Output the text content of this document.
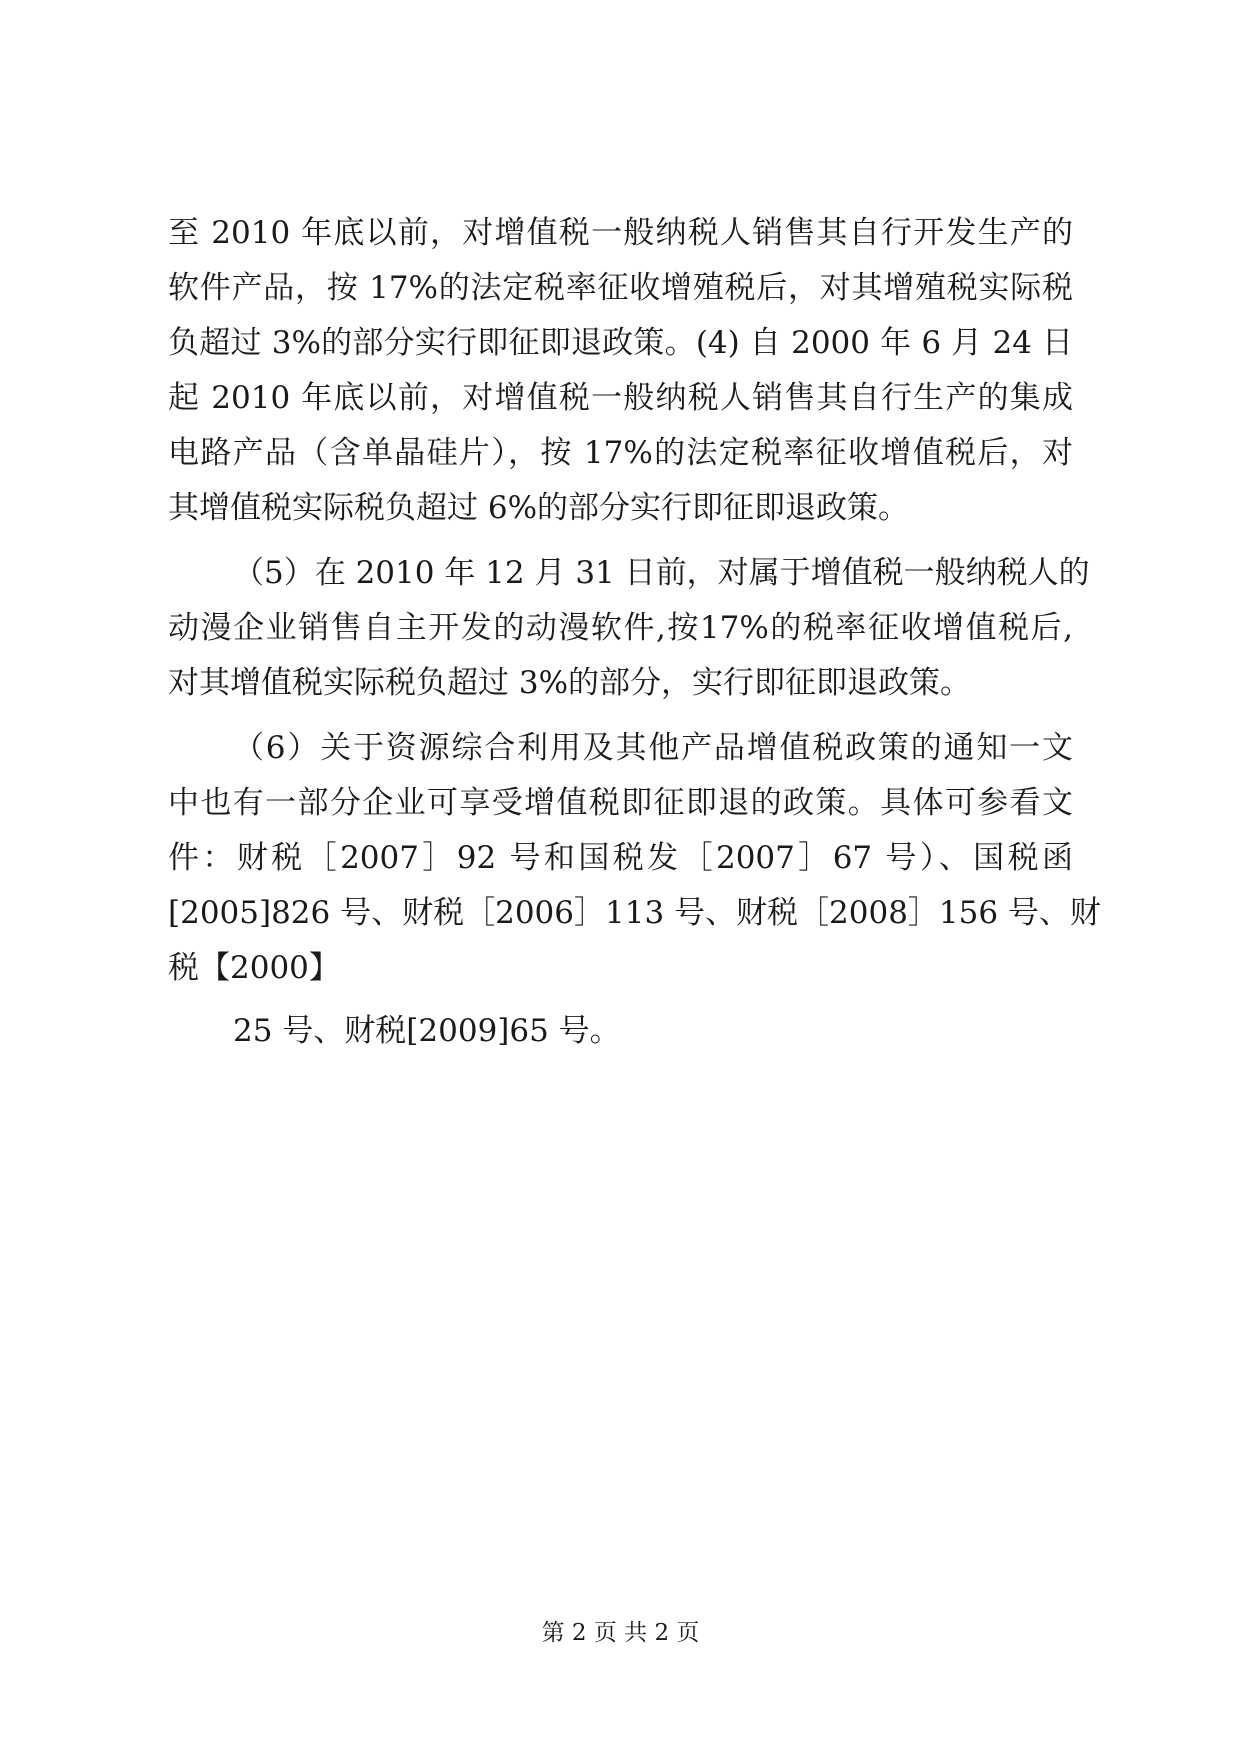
至 2010 年底以前，对增值税一般纳税人销售其自行开发生产的
软件产品，按 17%的法定税率征收增殖税后，对其增殖税实际税
负超过 3%的部分实行即征即退政策。(4) 自 2000 年 6 月 24 日
起 2010 年底以前，对增值税一般纳税人销售其自行生产的集成
电路产品（含单晶硅片），按 17%的法定税率征收增值税后，对
其增值税实际税负超过 6%的部分实行即征即退政策。
（5）在 2010 年 12 月 31 日前，对属于增值税一般纳税人的
动漫企业销售自主开发的动漫软件,按17%的税率征收增值税后,
对其增值税实际税负超过 3%的部分，实行即征即退政策。
（6）关于资源综合利用及其他产品增值税政策的通知一文
中也有一部分企业可享受增值税即征即退的政策。具体可参看文
件：财税［2007］92 号和国税发［2007］67 号）、国税函
[2005]826 号、财税［2006］113 号、财税［2008］156 号、财
税【2000】
25 号、财税[2009]65 号。
第 2 页 共 2 页
